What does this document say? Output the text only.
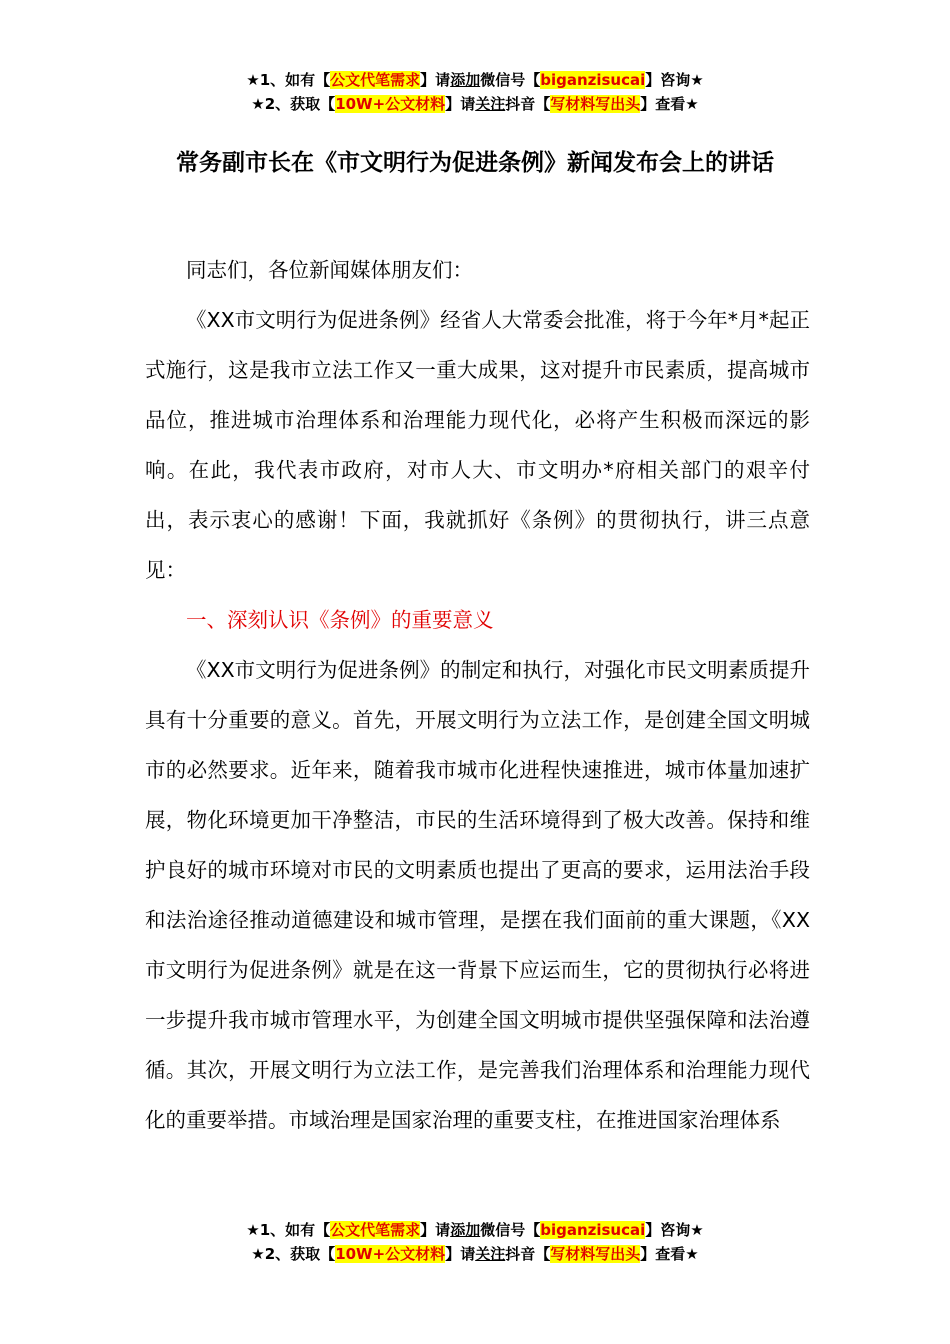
★1、如有【公文代笔需求】请添加微信号【biganzisucai】咨询★
★2、获取【10W+公文材料】请关注抖音【写材料写出头】查看★
常务副市长在《市文明行为促进条例》新闻发布会上的讲话

同志们，各位新闻媒体朋友们：

《XX市文明行为促进条例》经省人大常委会批准，将于今年*月*起正式施行，这是我市立法工作又一重大成果，这对提升市民素质，提高城市品位，推进城市治理体系和治理能力现代化，必将产生积极而深远的影响。在此，我代表市政府，对市人大、市文明办*府相关部门的艰辛付出，表示衷心的感谢！下面，我就抓好《条例》的贯彻执行，讲三点意见：

一、深刻认识《条例》的重要意义

《XX市文明行为促进条例》的制定和执行，对强化市民文明素质提升具有十分重要的意义。首先，开展文明行为立法工作，是创建全国文明城市的必然要求。近年来，随着我市城市化进程快速推进，城市体量加速扩展，物化环境更加干净整洁，市民的生活环境得到了极大改善。保持和维护良好的城市环境对市民的文明素质也提出了更高的要求，运用法治手段和法治途径推动道德建设和城市管理，是摆在我们面前的重大课题，《XX市文明行为促进条例》就是在这一背景下应运而生，它的贯彻执行必将进一步提升我市城市管理水平，为创建全国文明城市提供坚强保障和法治遵循。其次，开展文明行为立法工作，是完善我们治理体系和治理能力现代化的重要举措。市域治理是国家治理的重要支柱，在推进国家治理体系

★1、如有【公文代笔需求】请添加微信号【biganzisucai】咨询★
★2、获取【10W+公文材料】请关注抖音【写材料写出头】查看★
